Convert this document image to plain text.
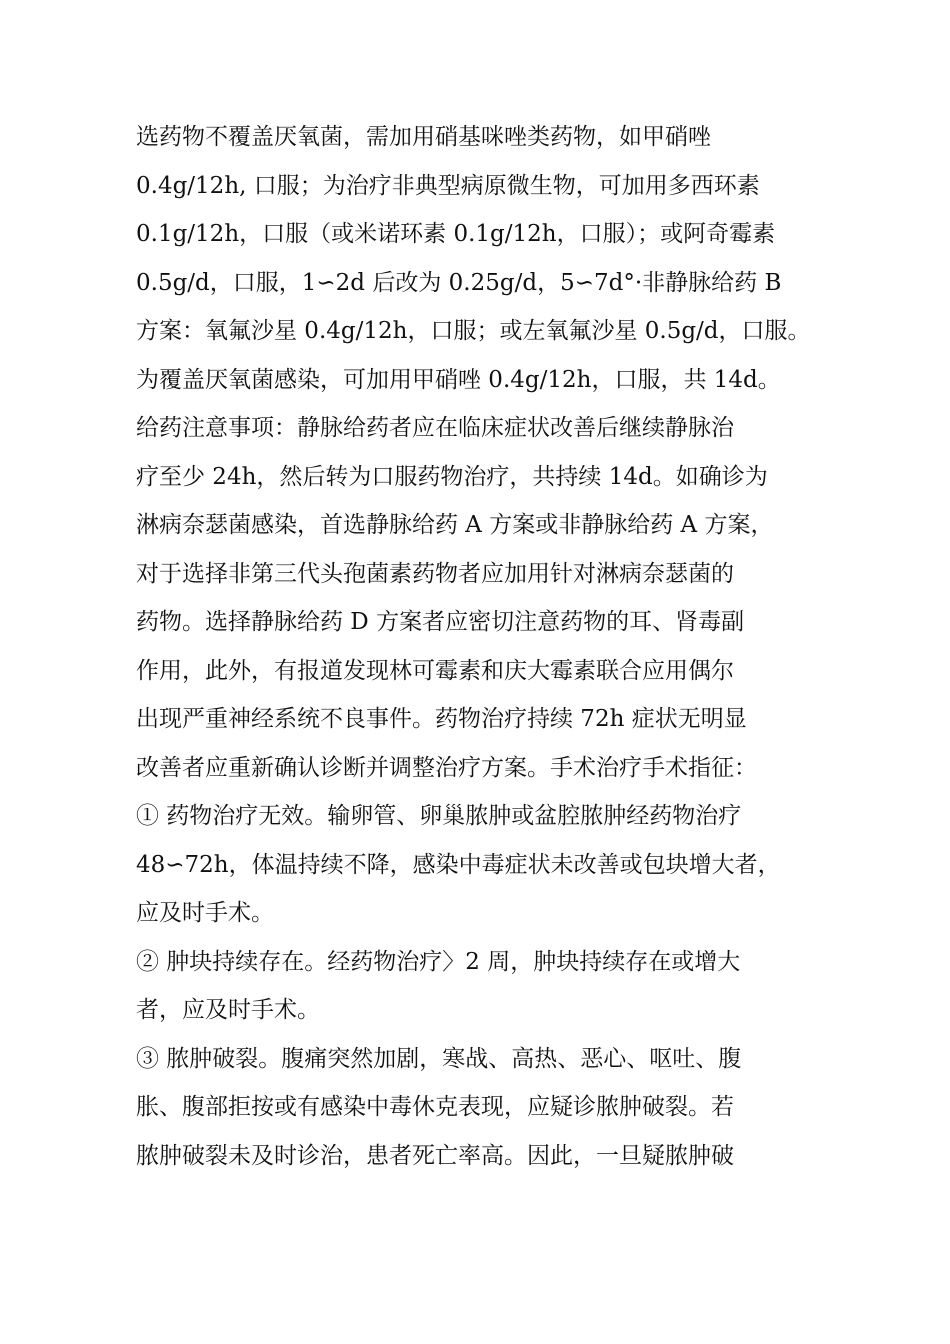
选药物不覆盖厌氧菌，需加用硝基咪唑类药物，如甲硝唑
0.4g/12h, 口服；为治疗非典型病原微生物，可加用多西环素
0.1g/12h，口服（或米诺环素 0.1g/12h，口服）；或阿奇霉素
0.5g/d，口服，1∽2d 后改为 0.25g/d，5∽7d°·非静脉给药 B
方案：氧氟沙星 0.4g/12h，口服；或左氧氟沙星 0.5g/d，口服。
为覆盖厌氧菌感染，可加用甲硝唑 0.4g/12h，口服，共 14d。
给药注意事项：静脉给药者应在临床症状改善后继续静脉治
疗至少 24h，然后转为口服药物治疗，共持续 14d。如确诊为
淋病奈瑟菌感染，首选静脉给药 A 方案或非静脉给药 A 方案，
对于选择非第三代头孢菌素药物者应加用针对淋病奈瑟菌的
药物。选择静脉给药 D 方案者应密切注意药物的耳、肾毒副
作用，此外，有报道发现林可霉素和庆大霉素联合应用偶尔
出现严重神经系统不良事件。药物治疗持续 72h 症状无明显
改善者应重新确认诊断并调整治疗方案。手术治疗手术指征：
① 药物治疗无效。输卵管、卵巢脓肿或盆腔脓肿经药物治疗
48∽72h，体温持续不降，感染中毒症状未改善或包块增大者，
应及时手术。
② 肿块持续存在。经药物治疗〉2 周，肿块持续存在或增大
者，应及时手术。
③ 脓肿破裂。腹痛突然加剧，寒战、高热、恶心、呕吐、腹
胀、腹部拒按或有感染中毒休克表现，应疑诊脓肿破裂。若
脓肿破裂未及时诊治，患者死亡率高。因此，一旦疑脓肿破
